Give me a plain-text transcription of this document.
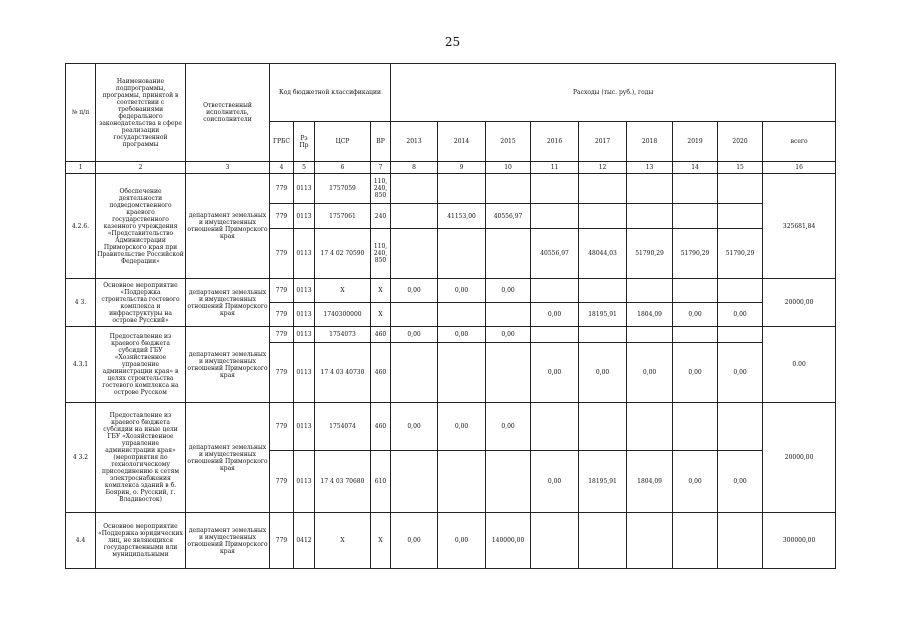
25
№ п/п	Наименование подпрограммы, программы, принятой в соответствии с требованиями федерального законодательства в сфере реализации государственной программы	Ответственный исполнитель, соисполнители	Код бюджетной классификации				Расходы (тыс. руб.), годы								
			ГРБС	Рз Пр	ЦСР	ВР	2013	2014	2015	2016	2017	2018	2019	2020	всего
1	2	3	4	5	6	7	8	9	10	11	12	13	14	15	16
4.2.6.	Обеспечение деятельности подведомственного краевого государственного казенного учреждения «Представительство Администрации Приморского края при Правительстве Российской Федерации»	департамент земельных и имущественных отношений Приморского края	779	0113	1757059	110, 240, 850									325681,84
			779	0113	1757061	240		41153,00	40556,97						
			779	0113	17 4 02 70590	110, 240, 850				40556,97	48044,03	51790,29	51790,29	51790,29	
4 3.	Основное мероприятие «Поддержка строительства гостевого комплекса и инфраструктуры на острове Русский»	департамент земельных и имущественных отношений Приморского края	779	0113	X	X	0,00	0,00	0,00						20000,00
			779	0113	1740300000	X				0,00	18195,91	1804,09	0,00	0,00	
4.3.1	Предоставление из краевого бюджета субсидий ГБУ «Хозяйственное управление администрации края» в целях строительства гостевого комплекса на острове Русском	департамент земельных и имущественных отношений Приморского края	779	0113	1754073	460	0,00	0,00	0,00						0.00
			779	0113	17 4 03 40730	460				0,00	0,00	0,00	0,00	0,00	
4 3.2	Предоставление из краевого бюджета субсидии на иные цели ГБУ «Хозяйственное управление администрации края» (мероприятия по технологическому присоединению к сетям электроснабжения комплекса зданий в б. Боярин, о. Русский, г. Владивосток)	департамент земельных и имущественных отношений Приморского края	779	0113	1754074	460	0,00	0,00	0,00						20000,00
			779	0113	17 4 03 70680	610				0,00	18195,91	1804,09	0,00	0,00	
4.4	Основное мероприятие «Поддержка юридических лиц, не являющихся государственными или муниципальными	департамент земельных и имущественных отношений Приморского края	779	0412	X	X	0,00	0,00	140000,00						300000,00
